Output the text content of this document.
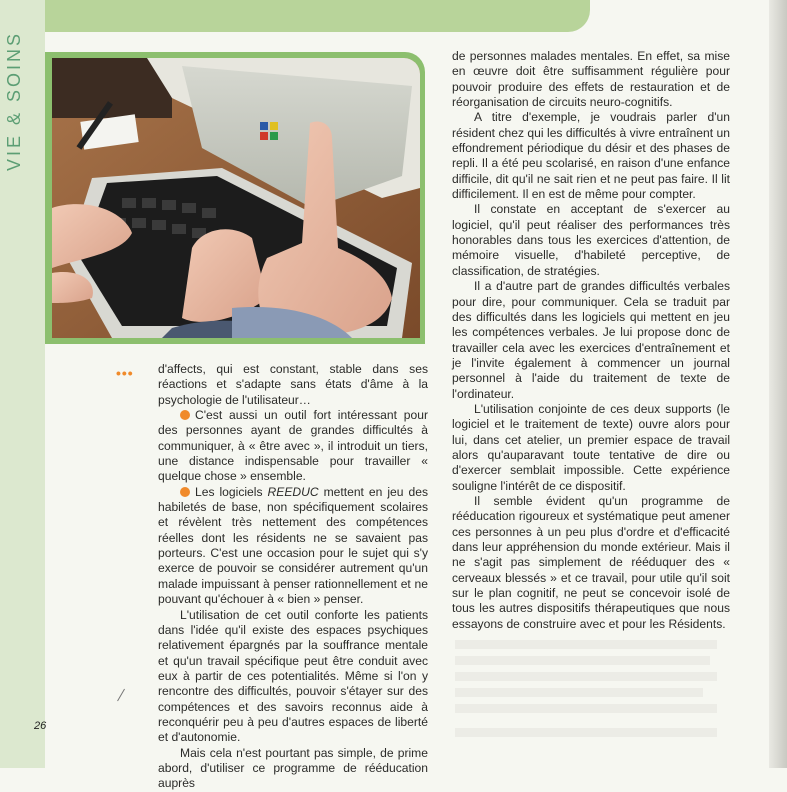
VIE & SOINS
••• d'affects, qui est constant, stable dans ses réactions et s'adapte sans états d'âme à la psychologie de l'utilisateur…

C'est aussi un outil fort intéressant pour des personnes ayant de grandes difficultés à communiquer, à « être avec », il introduit un tiers, une distance indispensable pour travailler « quelque chose » ensemble.

Les logiciels REEDUC mettent en jeu des habiletés de base, non spécifiquement scolaires et révèlent très nettement des compétences réelles dont les résidents ne se savaient pas porteurs. C'est une occasion pour le sujet qui s'y exerce de pouvoir se considérer autrement qu'un malade impuissant à penser rationnellement et ne pouvant qu'échouer à « bien » penser.

L'utilisation de cet outil conforte les patients dans l'idée qu'il existe des espaces psychiques relativement épargnés par la souffrance mentale et qu'un travail spécifique peut être conduit avec eux à partir de ces potentialités. Même si l'on y rencontre des difficultés, pouvoir s'étayer sur des compétences et des savoirs reconnus aide à reconquérir peu à peu d'autres espaces de liberté et d'autonomie.

Mais cela n'est pourtant pas simple, de prime abord, d'utiliser ce programme de rééducation auprès

de personnes malades mentales. En effet, sa mise en œuvre doit être suffisamment régulière pour pouvoir produire des effets de restauration et de réorganisation de circuits neuro-cognitifs.

A titre d'exemple, je voudrais parler d'un résident chez qui les difficultés à vivre entraînent un effondrement périodique du désir et des phases de repli. Il a été peu scolarisé, en raison d'une enfance difficile, dit qu'il ne sait rien et ne peut pas faire. Il lit difficilement. Il en est de même pour compter.

Il constate en acceptant de s'exercer au logiciel, qu'il peut réaliser des performances très honorables dans tous les exercices d'attention, de mémoire visuelle, d'habileté perceptive, de classification, de stratégies.

Il a d'autre part de grandes difficultés verbales pour dire, pour communiquer. Cela se traduit par des difficultés dans les logiciels qui mettent en jeu les compétences verbales. Je lui propose donc de travailler cela avec les exercices d'entraînement et je l'invite également à commencer un journal personnel à l'aide du traitement de texte de l'ordinateur.

L'utilisation conjointe de ces deux supports (le logiciel et le traitement de texte) ouvre alors pour lui, dans cet atelier, un premier espace de travail alors qu'auparavant toute tentative de dire ou d'exercer semblait impossible. Cette expérience souligne l'intérêt de ce dispositif.

Il semble évident qu'un programme de rééducation rigoureux et systématique peut amener ces personnes à un peu plus d'ordre et d'efficacité dans leur appréhension du monde extérieur. Mais il ne s'agit pas simplement de rééduquer des « cerveaux blessés » et ce travail, pour utile qu'il soit sur le plan cognitif, ne peut se concevoir isolé de tous les autres dispositifs thérapeutiques que nous essayons de construire avec et pour les Résidents.

26
